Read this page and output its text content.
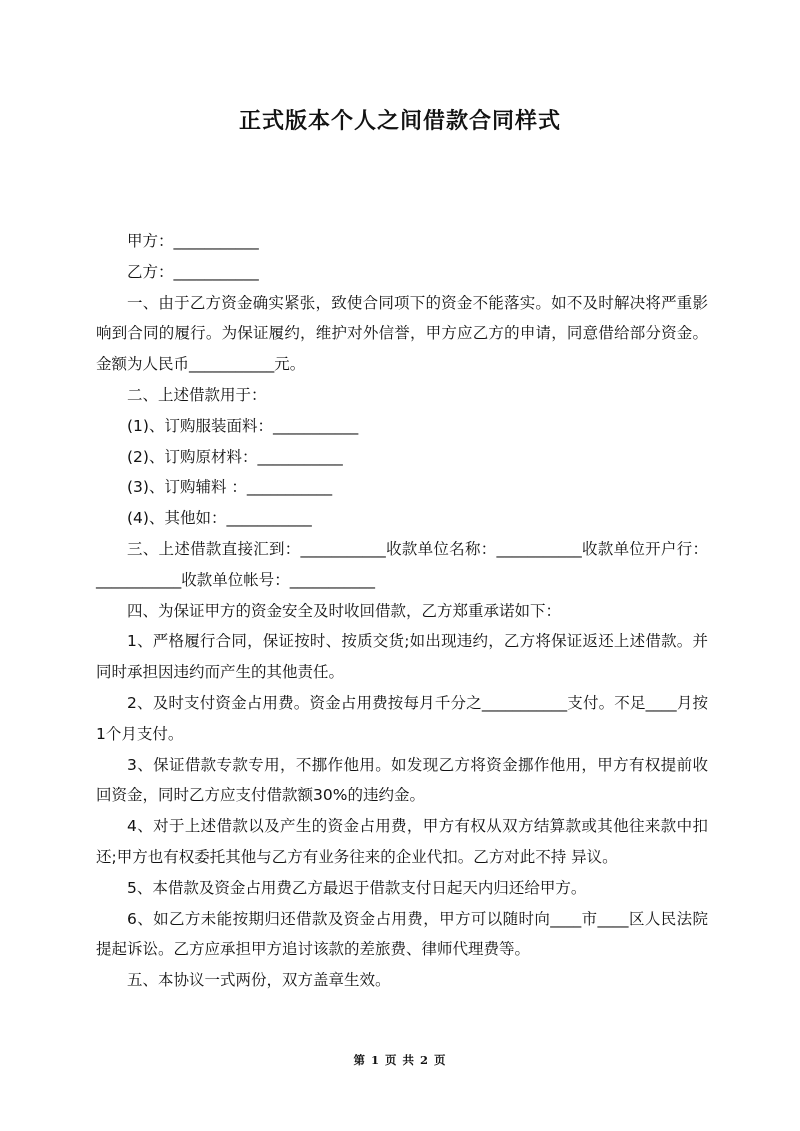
正式版本个人之间借款合同样式

甲方：___________

乙方：___________

一、由于乙方资金确实紧张，致使合同项下的资金不能落实。如不及时解决将严重影响到合同的履行。为保证履约，维护对外信誉，甲方应乙方的申请，同意借给部分资金。金额为人民币___________元。

二、上述借款用于：

(1)、订购服装面料：___________

(2)、订购原材料：___________

(3)、订购辅料 ：___________

(4)、其他如：___________

三、上述借款直接汇到：___________收款单位名称：___________收款单位开户行：___________收款单位帐号：___________

四、为保证甲方的资金安全及时收回借款，乙方郑重承诺如下：

1、严格履行合同，保证按时、按质交货;如出现违约，乙方将保证返还上述借款。并同时承担因违约而产生的其他责任。

2、及时支付资金占用费。资金占用费按每月千分之___________支付。不足____月按1个月支付。

3、保证借款专款专用，不挪作他用。如发现乙方将资金挪作他用，甲方有权提前收回资金，同时乙方应支付借款额30%的违约金。

4、对于上述借款以及产生的资金占用费，甲方有权从双方结算款或其他往来款中扣还;甲方也有权委托其他与乙方有业务往来的企业代扣。乙方对此不持 异议。

5、本借款及资金占用费乙方最迟于借款支付日起天内归还给甲方。

6、如乙方未能按期归还借款及资金占用费，甲方可以随时向____市____区人民法院提起诉讼。乙方应承担甲方追讨该款的差旅费、律师代理费等。

五、本协议一式两份，双方盖章生效。

第 1 页 共 2 页
